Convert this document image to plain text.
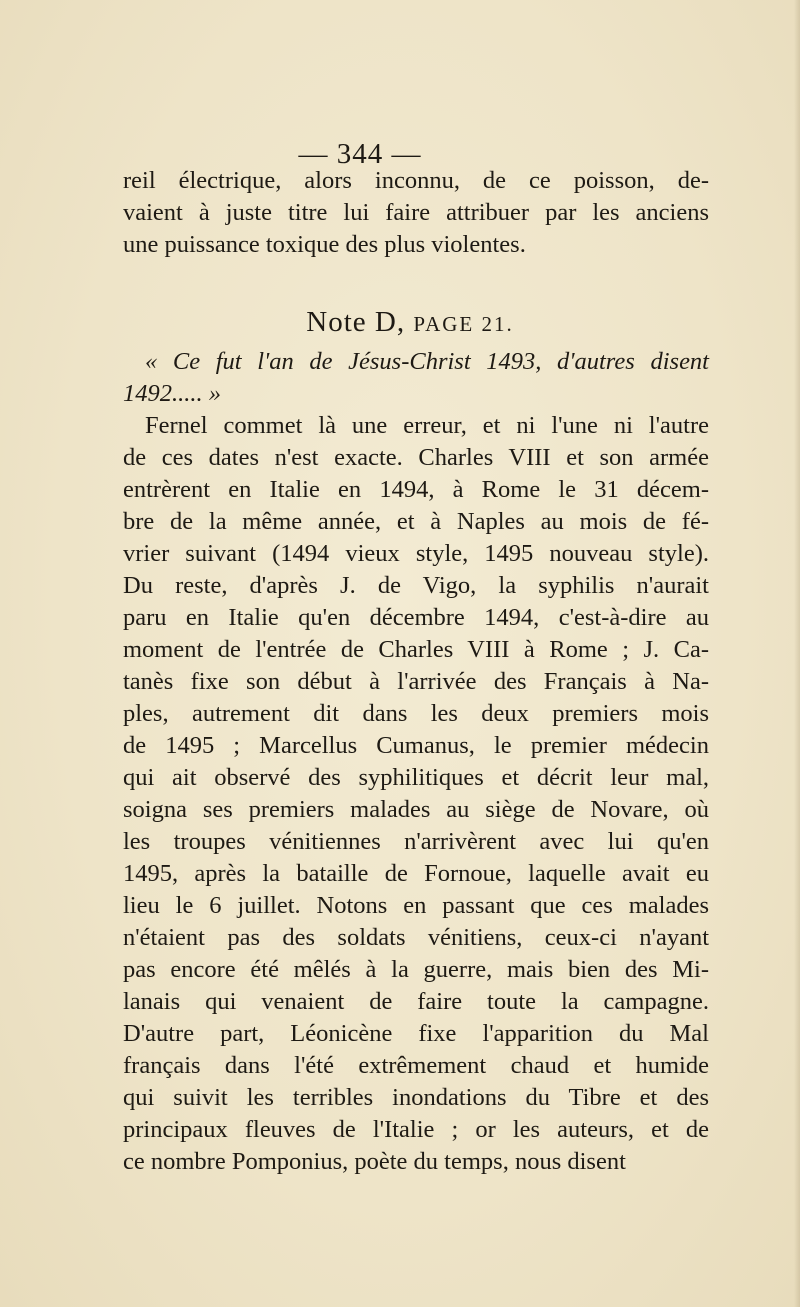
— 344 —
reil électrique, alors inconnu, de ce poisson, de-
vaient à juste titre lui faire attribuer par les anciens
une puissance toxique des plus violentes.
Note D, PAGE 21.
« Ce fut l'an de Jésus-Christ 1493, d'autres disent
1492..... »
Fernel commet là une erreur, et ni l'une ni l'autre
de ces dates n'est exacte. Charles VIII et son armée
entrèrent en Italie en 1494, à Rome le 31 décem-
bre de la même année, et à Naples au mois de fé-
vrier suivant (1494 vieux style, 1495 nouveau style).
Du reste, d'après J. de Vigo, la syphilis n'aurait
paru en Italie qu'en décembre 1494, c'est-à-dire au
moment de l'entrée de Charles VIII à Rome ; J. Ca-
tanès fixe son début à l'arrivée des Français à Na-
ples, autrement dit dans les deux premiers mois
de 1495 ; Marcellus Cumanus, le premier médecin
qui ait observé des syphilitiques et décrit leur mal,
soigna ses premiers malades au siège de Novare, où
les troupes vénitiennes n'arrivèrent avec lui qu'en
1495, après la bataille de Fornoue, laquelle avait eu
lieu le 6 juillet. Notons en passant que ces malades
n'étaient pas des soldats vénitiens, ceux-ci n'ayant
pas encore été mêlés à la guerre, mais bien des Mi-
lanais qui venaient de faire toute la campagne.
D'autre part, Léonicène fixe l'apparition du Mal
français dans l'été extrêmement chaud et humide
qui suivit les terribles inondations du Tibre et des
principaux fleuves de l'Italie ; or les auteurs, et de
ce nombre Pomponius, poète du temps, nous disent
